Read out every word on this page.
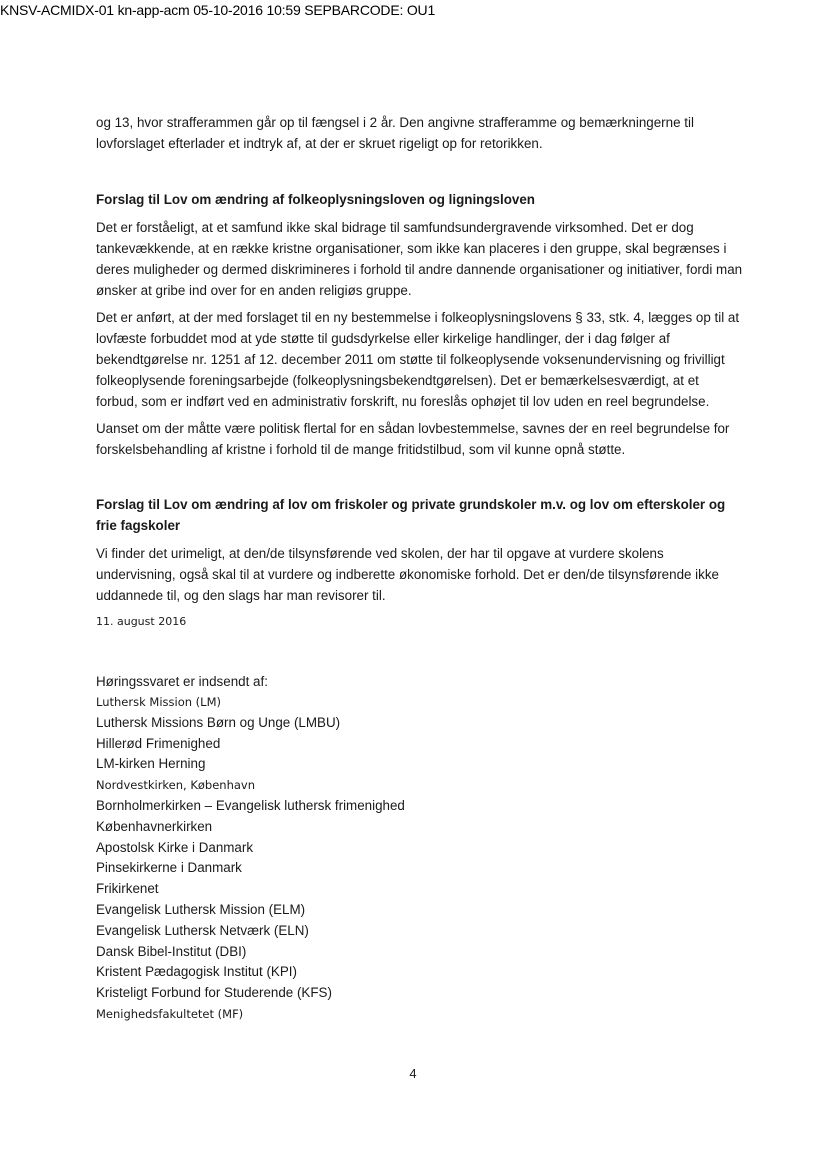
KNSV-ACMIDX-01 kn-app-acm 05-10-2016 10:59 SEPBARCODE: OU1

og 13, hvor strafferammen går op til fængsel i 2 år. Den angivne strafferamme og bemærkningerne til lovforslaget efterlader et indtryk af, at der er skruet rigeligt op for retorikken.

Forslag til Lov om ændring af folkeoplysningsloven og ligningsloven

Det er forståeligt, at et samfund ikke skal bidrage til samfundsundergravende virksomhed. Det er dog tankevækkende, at en række kristne organisationer, som ikke kan placeres i den gruppe, skal begrænses i deres muligheder og dermed diskrimineres i forhold til andre dannende organisationer og initiativer, fordi man ønsker at gribe ind over for en anden religiøs gruppe.

Det er anført, at der med forslaget til en ny bestemmelse i folkeoplysningslovens § 33, stk. 4, lægges op til at lovfæste forbuddet mod at yde støtte til gudsdyrkelse eller kirkelige handlinger, der i dag følger af bekendtgørelse nr. 1251 af 12. december 2011 om støtte til folkeoplysende voksenundervisning og frivilligt folkeoplysende foreningsarbejde (folkeoplysningsbekendtgørelsen). Det er bemærkelsesværdigt, at et forbud, som er indført ved en administrativ forskrift, nu foreslås ophøjet til lov uden en reel begrundelse.

Uanset om der måtte være politisk flertal for en sådan lovbestemmelse, savnes der en reel begrundelse for forskelsbehandling af kristne i forhold til de mange fritidstilbud, som vil kunne opnå støtte.

Forslag til Lov om ændring af lov om friskoler og private grundskoler m.v. og lov om efterskoler og frie fagskoler

Vi finder det urimeligt, at den/de tilsynsførende ved skolen, der har til opgave at vurdere skolens undervisning, også skal til at vurdere og indberette økonomiske forhold. Det er den/de tilsynsførende ikke uddannede til, og den slags har man revisorer til.

11. august 2016

Høringssvaret er indsendt af:

Luthersk Mission (LM)
Luthersk Missions Børn og Unge (LMBU)
Hillerød Frimenighed
LM-kirken Herning
Nordvestkirken, København
Bornholmerkirken – Evangelisk luthersk frimenighed
Københavnerkirken
Apostolsk Kirke i Danmark
Pinsekirkerne i Danmark
Frikirkenet
Evangelisk Luthersk Mission (ELM)
Evangelisk Luthersk Netværk (ELN)
Dansk Bibel-Institut (DBI)
Kristent Pædagogisk Institut (KPI)
Kristeligt Forbund for Studerende (KFS)
Menighedsfakultetet (MF)
4
